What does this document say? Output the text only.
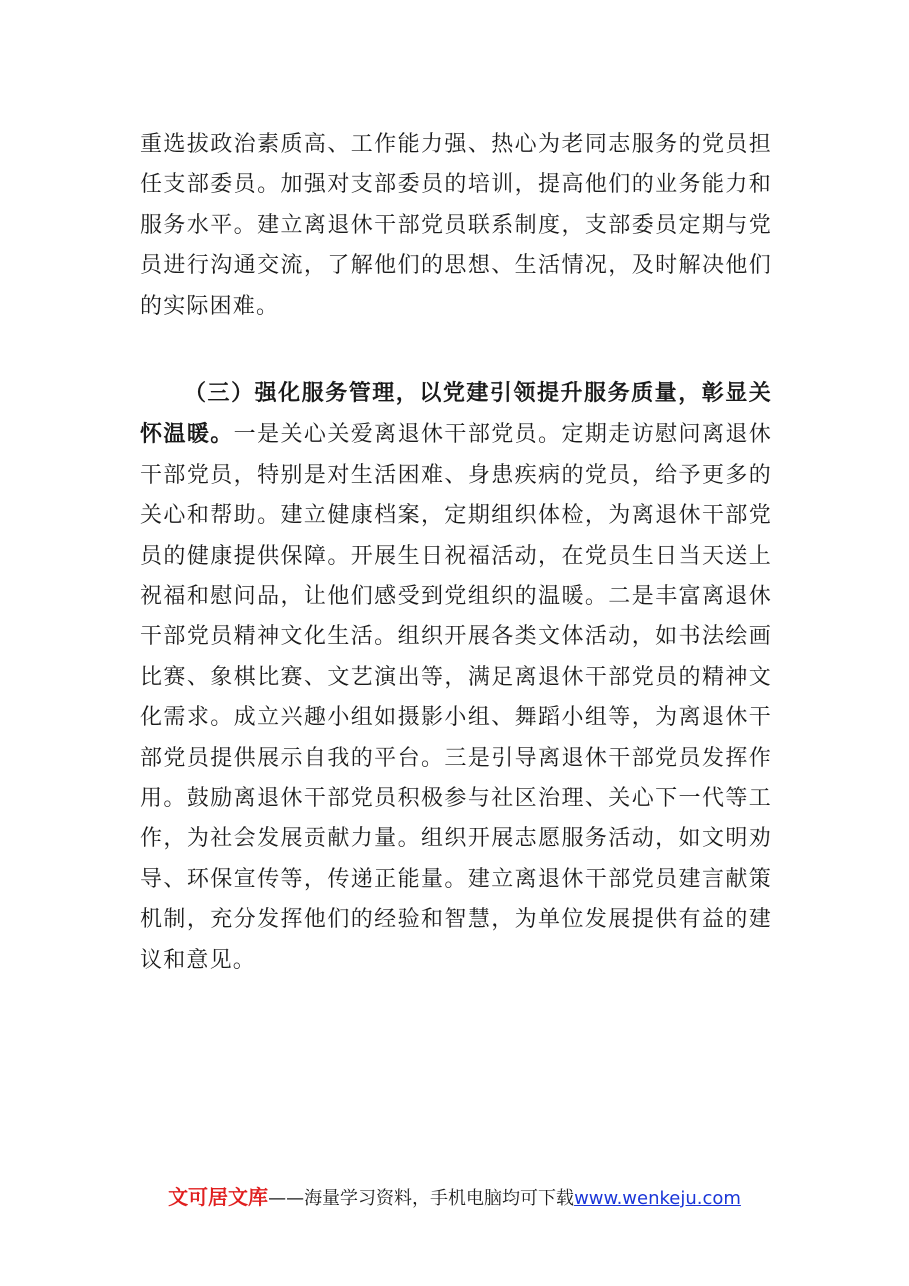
重选拔政治素质高、工作能力强、热心为老同志服务的党员担任支部委员。加强对支部委员的培训，提高他们的业务能力和服务水平。建立离退休干部党员联系制度，支部委员定期与党员进行沟通交流，了解他们的思想、生活情况，及时解决他们的实际困难。

（三）强化服务管理，以党建引领提升服务质量，彰显关怀温暖。一是关心关爱离退休干部党员。定期走访慰问离退休干部党员，特别是对生活困难、身患疾病的党员，给予更多的关心和帮助。建立健康档案，定期组织体检，为离退休干部党员的健康提供保障。开展生日祝福活动，在党员生日当天送上祝福和慰问品，让他们感受到党组织的温暖。二是丰富离退休干部党员精神文化生活。组织开展各类文体活动，如书法绘画比赛、象棋比赛、文艺演出等，满足离退休干部党员的精神文化需求。成立兴趣小组如摄影小组、舞蹈小组等，为离退休干部党员提供展示自我的平台。三是引导离退休干部党员发挥作用。鼓励离退休干部党员积极参与社区治理、关心下一代等工作，为社会发展贡献力量。组织开展志愿服务活动，如文明劝导、环保宣传等，传递正能量。建立离退休干部党员建言献策机制，充分发挥他们的经验和智慧，为单位发展提供有益的建议和意见。

文可居文库——海量学习资料，手机电脑均可下载www.wenkeju.com
